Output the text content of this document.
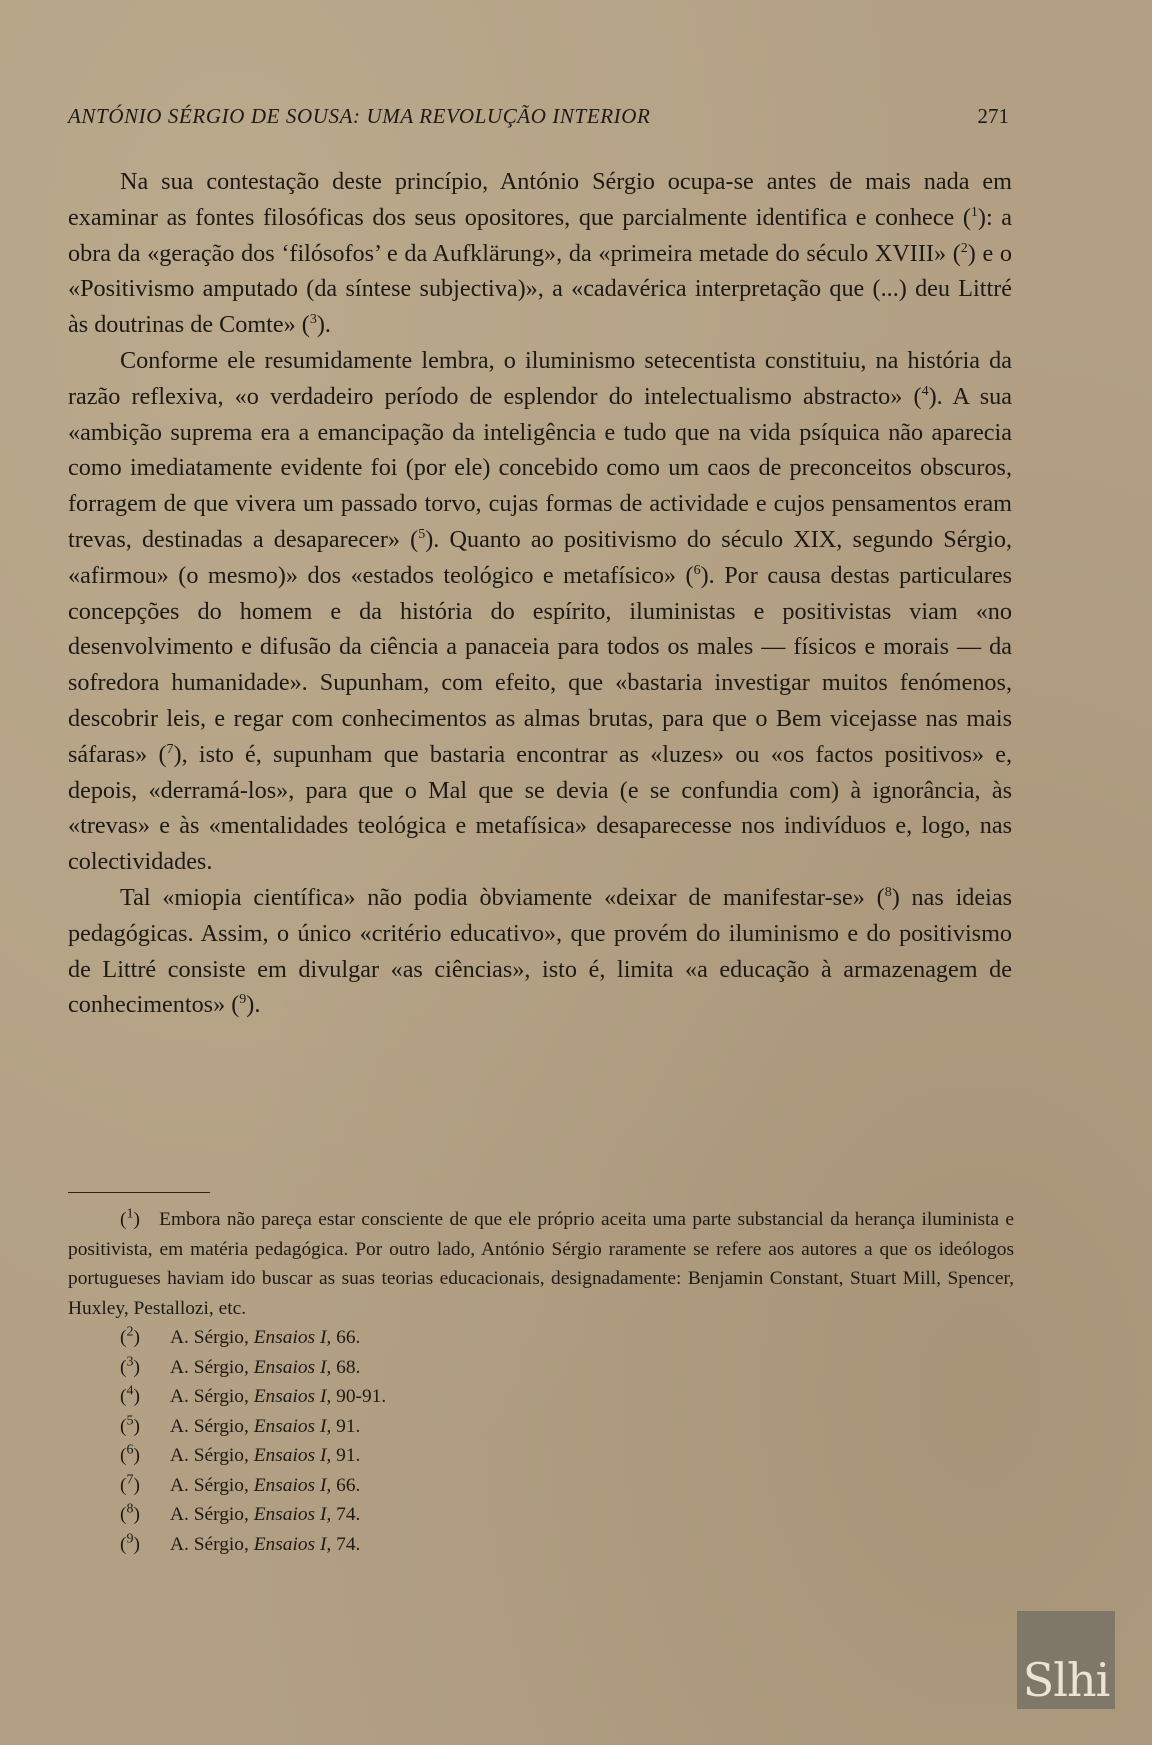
ANTÓNIO SÉRGIO DE SOUSA: UMA REVOLUÇÃO INTERIOR	271

Na sua contestação deste princípio, António Sérgio ocupa-se antes de mais nada em examinar as fontes filosóficas dos seus opositores, que parcialmente identifica e conhece ($^1$): a obra da «geração dos ‘filósofos’ e da Aufklärung», da «primeira metade do século XVIII» ($^2$) e o «Positivismo amputado (da síntese subjectiva)», a «cadavérica interpretação que (...) deu Littré às doutrinas de Comte» ($^3$).

Conforme ele resumidamente lembra, o iluminismo setecentista constituiu, na história da razão reflexiva, «o verdadeiro período de esplendor do intelectualismo abstracto» ($^4$). A sua «ambição suprema era a emancipação da inteligência e tudo que na vida psíquica não aparecia como imediatamente evidente foi (por ele) concebido como um caos de preconceitos obscuros, forragem de que vivera um passado torvo, cujas formas de actividade e cujos pensamentos eram trevas, destinadas a desaparecer» ($^5$). Quanto ao positivismo do século XIX, segundo Sérgio, «afirmou» (o mesmo)» dos «estados teológico e metafísico» ($^6$). Por causa destas particulares concepções do homem e da história do espírito, iluministas e positivistas viam «no desenvolvimento e difusão da ciência a panaceia para todos os males — físicos e morais — da sofredora humanidade». Supunham, com efeito, que «bastaria investigar muitos fenómenos, descobrir leis, e regar com conhecimentos as almas brutas, para que o Bem vicejasse nas mais sáfaras» ($^7$), isto é, supunham que bastaria encontrar as «luzes» ou «os factos positivos» e, depois, «derramá-los», para que o Mal que se devia (e se confundia com) à ignorância, às «trevas» e às «mentalidades teológica e metafísica» desaparecesse nos indivíduos e, logo, nas colectividades.

Tal «miopia científica» não podia òbviamente «deixar de manifestar-se» ($^8$) nas ideias pedagógicas. Assim, o único «critério educativo», que provém do iluminismo e do positivismo de Littré consiste em divulgar «as ciências», isto é, limita «a educação à armazenagem de conhecimentos» ($^9$).

($^1$) Embora não pareça estar consciente de que ele próprio aceita uma parte substancial da herança iluminista e positivista, em matéria pedagógica. Por outro lado, António Sérgio raramente se refere aos autores a que os ideólogos portugueses haviam ido buscar as suas teorias educacionais, designadamente: Benjamin Constant, Stuart Mill, Spencer, Huxley, Pestallozi, etc.

($^2$) A. Sérgio, Ensaios I, 66.

($^3$) A. Sérgio, Ensaios I, 68.

($^4$) A. Sérgio, Ensaios I, 90-91.

($^5$) A. Sérgio, Ensaios I, 91.

($^6$) A. Sérgio, Ensaios I, 91.

($^7$) A. Sérgio, Ensaios I, 66.

($^8$) A. Sérgio, Ensaios I, 74.

($^9$) A. Sérgio, Ensaios I, 74.

Slhi
